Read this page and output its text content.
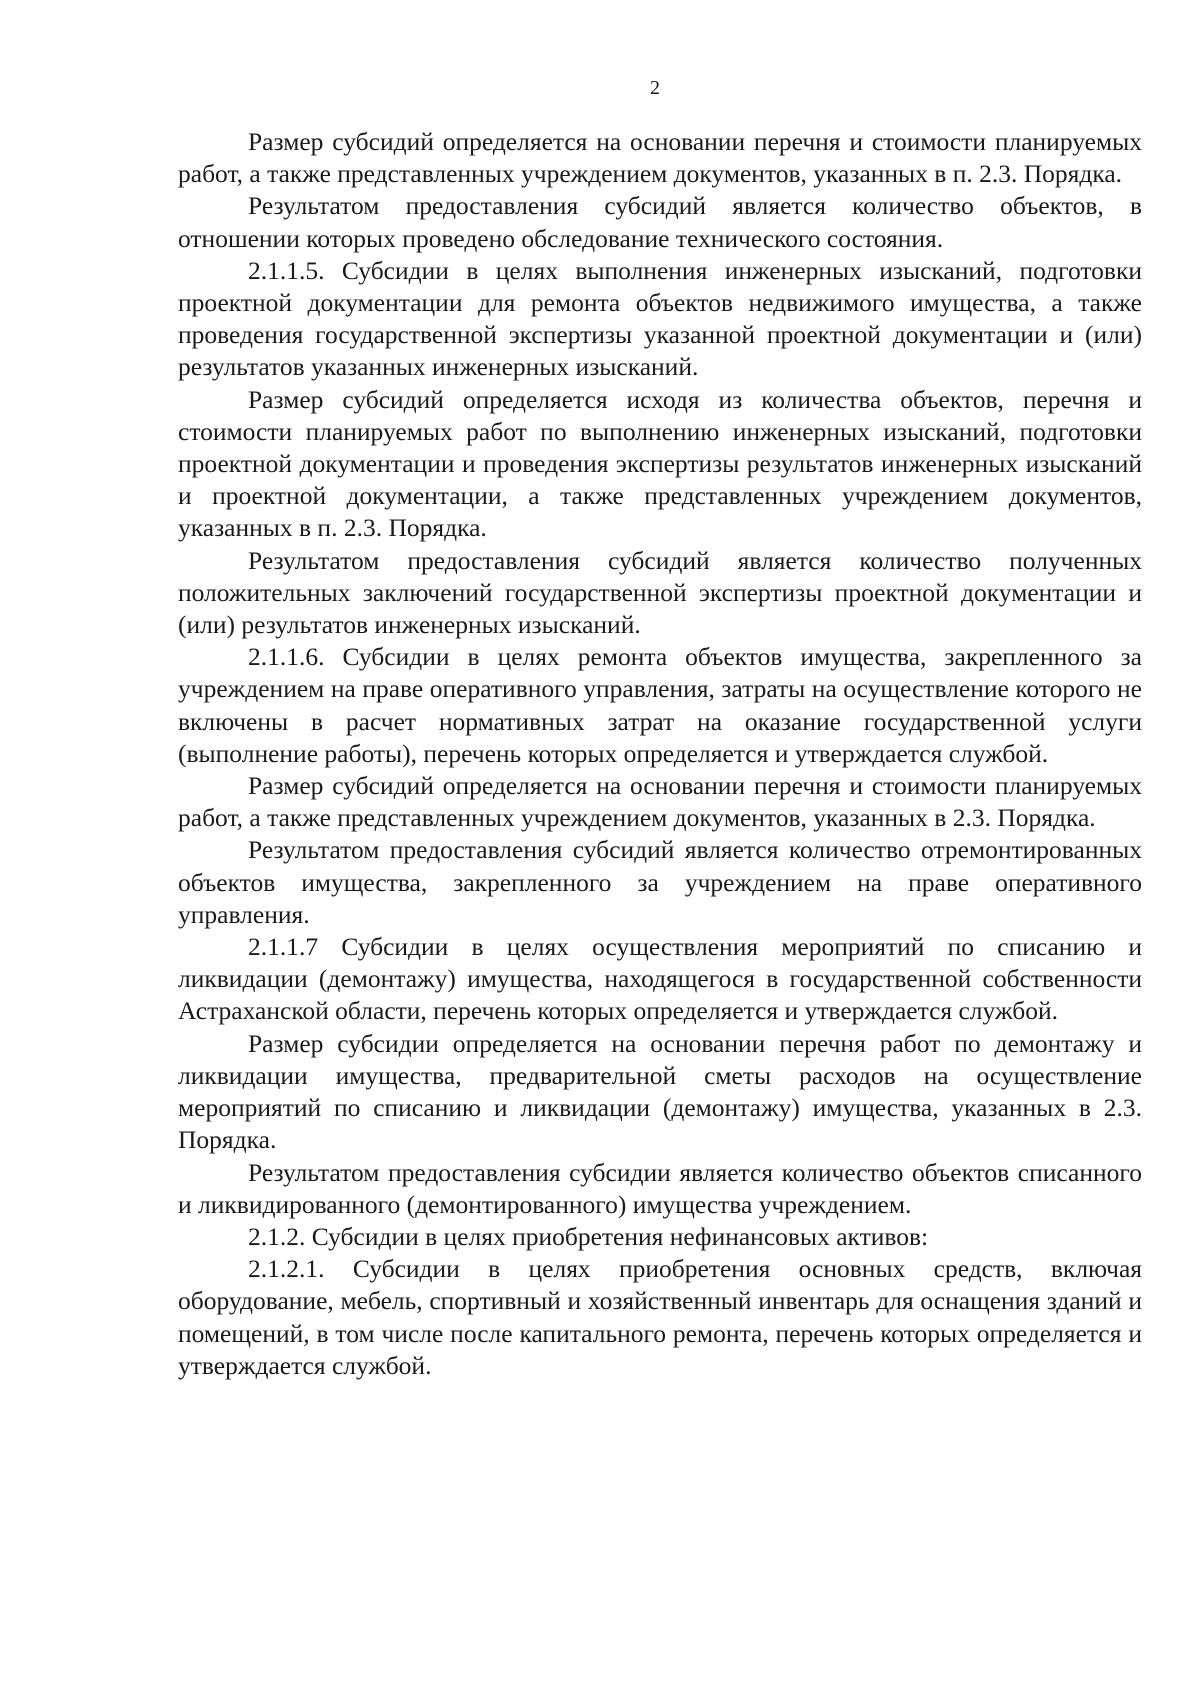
2

Размер субсидий определяется на основании перечня и стоимости планируемых работ, а также представленных учреждением документов, указанных в п. 2.3. Порядка.

Результатом предоставления субсидий является количество объектов, в отношении которых проведено обследование технического состояния.

2.1.1.5. Субсидии в целях выполнения инженерных изысканий, подготовки проектной документации для ремонта объектов недвижимого имущества, а также проведения государственной экспертизы указанной проектной документации и (или) результатов указанных инженерных изысканий.

Размер субсидий определяется исходя из количества объектов, перечня и стоимости планируемых работ по выполнению инженерных изысканий, подготовки проектной документации и проведения экспертизы результатов инженерных изысканий и проектной документации, а также представленных учреждением документов, указанных в п. 2.3. Порядка.

Результатом предоставления субсидий является количество полученных положительных заключений государственной экспертизы проектной документации и (или) результатов инженерных изысканий.

2.1.1.6. Субсидии в целях ремонта объектов имущества, закрепленного за учреждением на праве оперативного управления, затраты на осуществление которого не включены в расчет нормативных затрат на оказание государственной услуги (выполнение работы), перечень которых определяется и утверждается службой.

Размер субсидий определяется на основании перечня и стоимости планируемых работ, а также представленных учреждением документов, указанных в 2.3. Порядка.

Результатом предоставления субсидий является количество отремонтированных объектов имущества, закрепленного за учреждением на праве оперативного управления.

2.1.1.7 Субсидии в целях осуществления мероприятий по списанию и ликвидации (демонтажу) имущества, находящегося в государственной собственности Астраханской области, перечень которых определяется и утверждается службой.

Размер субсидии определяется на основании перечня работ по демонтажу и ликвидации имущества, предварительной сметы расходов на осуществление мероприятий по списанию и ликвидации (демонтажу) имущества, указанных в 2.3. Порядка.

Результатом предоставления субсидии является количество объектов списанного и ликвидированного (демонтированного) имущества учреждением.

2.1.2. Субсидии в целях приобретения нефинансовых активов:

2.1.2.1. Субсидии в целях приобретения основных средств, включая оборудование, мебель, спортивный и хозяйственный инвентарь для оснащения зданий и помещений, в том числе после капитального ремонта, перечень которых определяется и утверждается службой.
